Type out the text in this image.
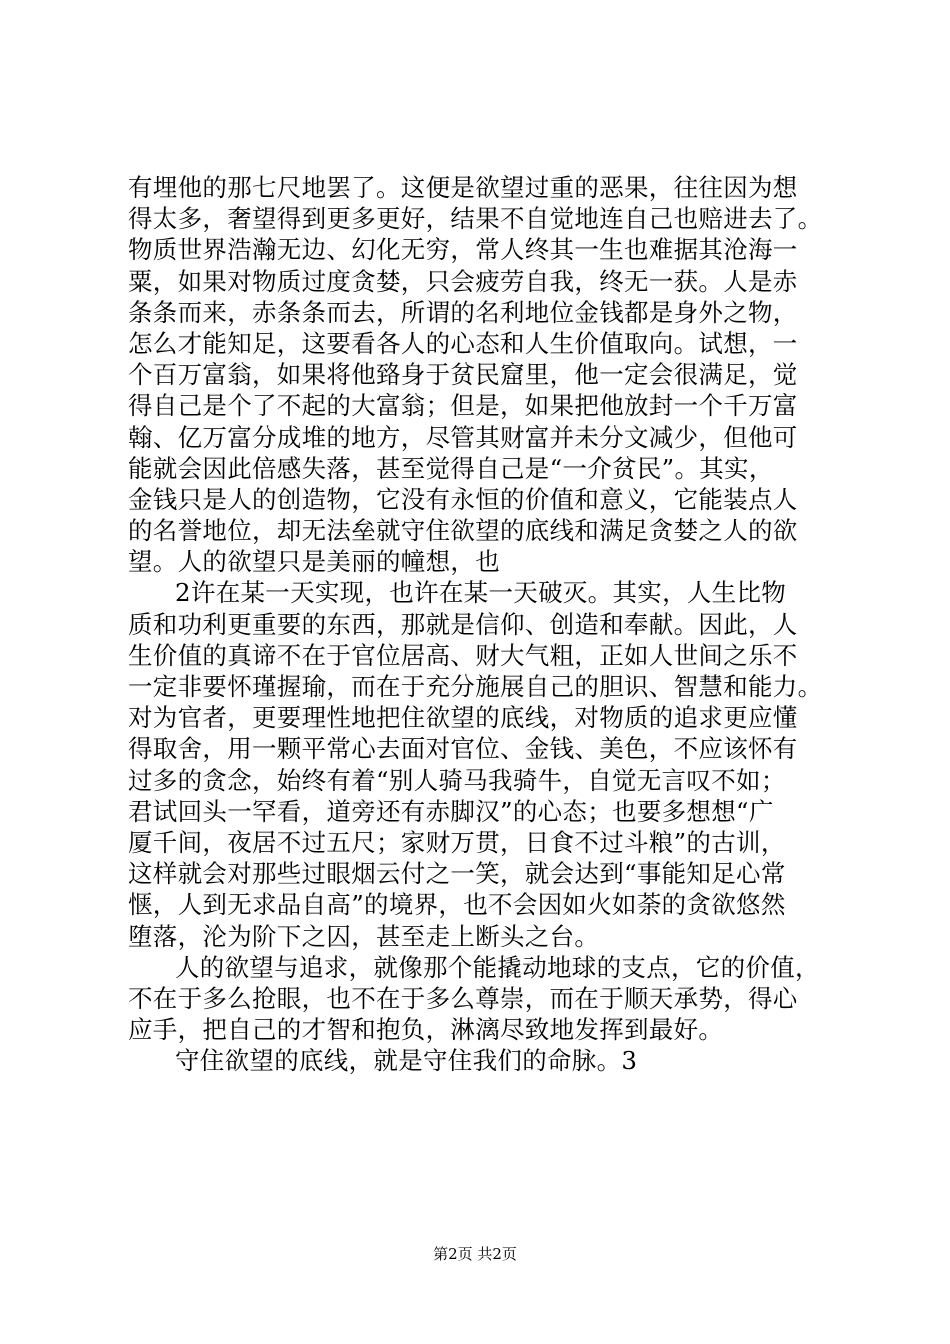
有埋他的那七尺地罢了。这便是欲望过重的恶果，往往因为想
得太多，奢望得到更多更好，结果不自觉地连自己也赔进去了。
物质世界浩瀚无边、幻化无穷，常人终其一生也难据其沧海一
粟，如果对物质过度贪婪，只会疲劳自我，终无一获。人是赤
条条而来，赤条条而去，所谓的名利地位金钱都是身外之物，
怎么才能知足，这要看各人的心态和人生价值取向。试想，一
个百万富翁，如果将他臵身于贫民窟里，他一定会很满足，觉
得自己是个了不起的大富翁；但是，如果把他放封一个千万富
翰、亿万富分成堆的地方，尽管其财富并未分文减少，但他可
能就会因此倍感失落，甚至觉得自己是“一介贫民”。其实，
金钱只是人的创造物，它没有永恒的价值和意义，它能装点人
的名誉地位，却无法垒就守住欲望的底线和满足贪婪之人的欲
望。人的欲望只是美丽的幢想，也
2许在某一天实现，也许在某一天破灭。其实，人生比物
质和功利更重要的东西，那就是信仰、创造和奉献。因此，人
生价值的真谛不在于官位居高、财大气粗，正如人世间之乐不
一定非要怀瑾握瑜，而在于充分施展自己的胆识、智慧和能力。
对为官者，更要理性地把住欲望的底线，对物质的追求更应懂
得取舍，用一颗平常心去面对官位、金钱、美色，不应该怀有
过多的贪念，始终有着“别人骑马我骑牛，自觉无言叹不如；
君试回头一罕看，道旁还有赤脚汉”的心态；也要多想想“广
厦千间，夜居不过五尺；家财万贯，日食不过斗粮”的古训，
这样就会对那些过眼烟云付之一笑，就会达到“事能知足心常
惬，人到无求品自高”的境界，也不会因如火如荼的贪欲悠然
堕落，沦为阶下之囚，甚至走上断头之台。
人的欲望与追求，就像那个能撬动地球的支点，它的价值，
不在于多么抢眼，也不在于多么尊崇，而在于顺天承势，得心
应手，把自己的才智和抱负，淋漓尽致地发挥到最好。
守住欲望的底线，就是守住我们的命脉。3
第2页 共2页
